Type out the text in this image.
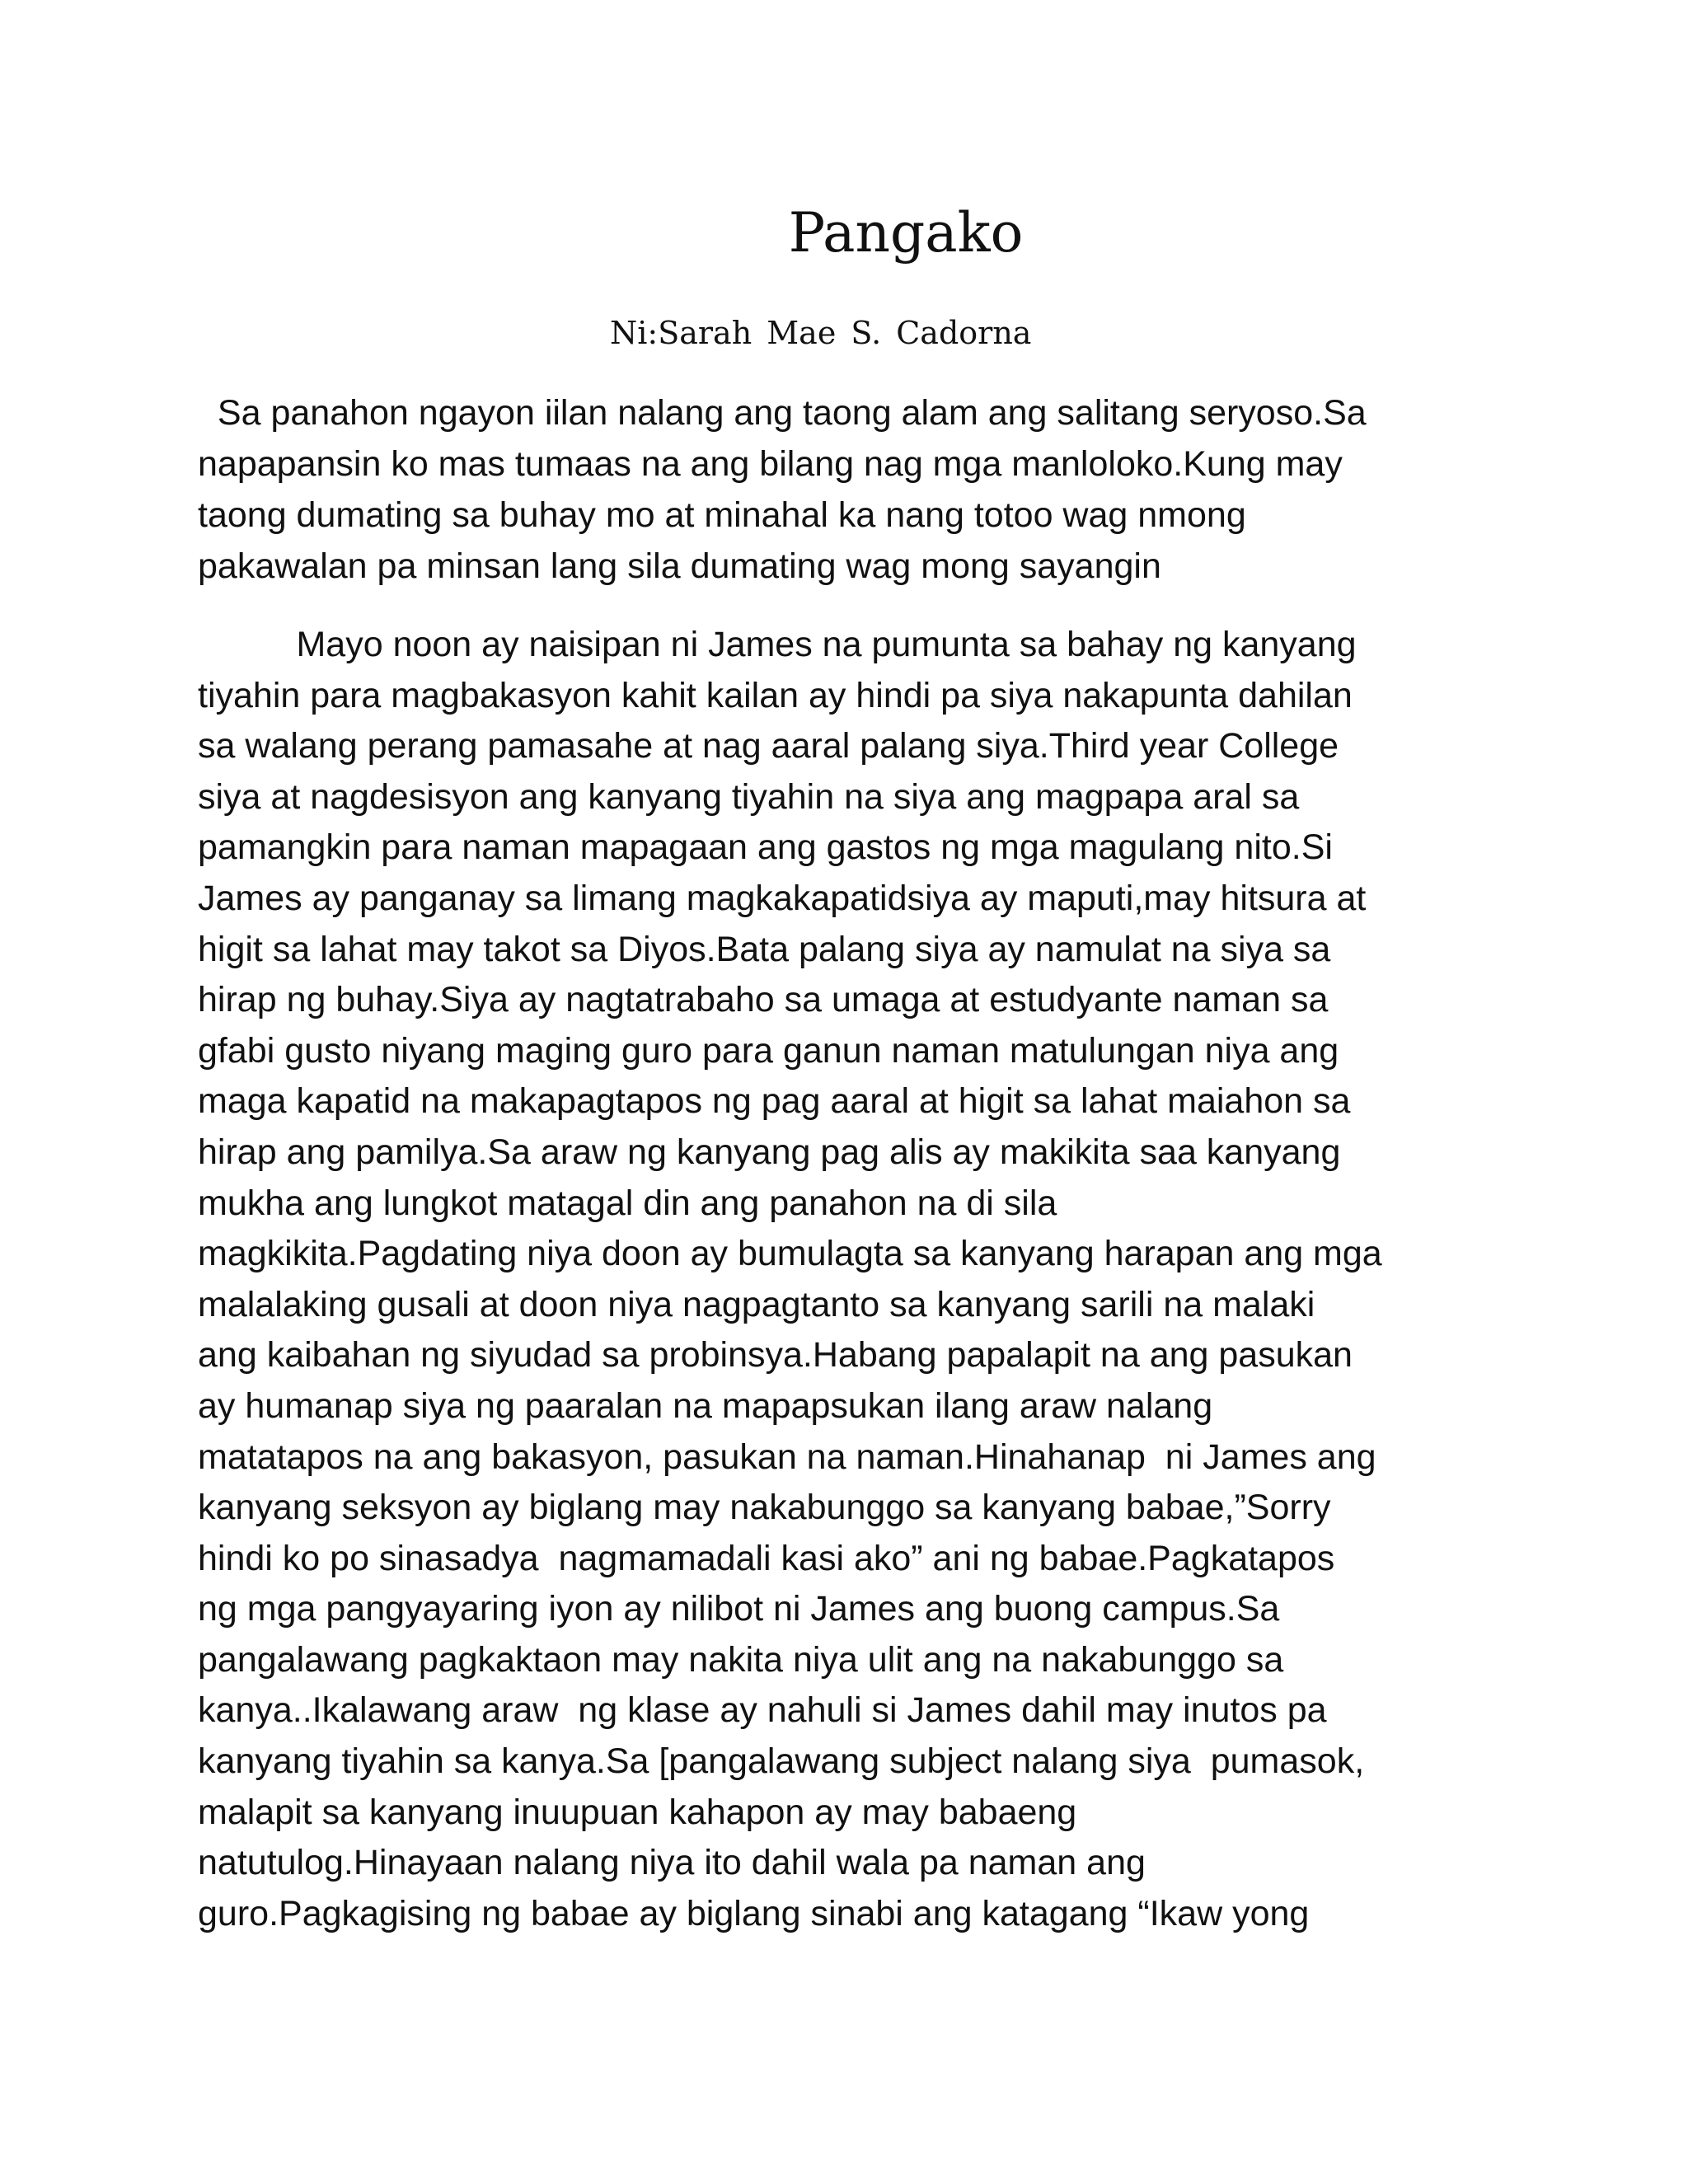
Pangako

Ni:Sarah Mae S. Cadorna

Sa panahon ngayon iilan nalang ang taong alam ang salitang seryoso.Sa
napapansin ko mas tumaas na ang bilang nag mga manloloko.Kung may
taong dumating sa buhay mo at minahal ka nang totoo wag nmong
pakawalan pa minsan lang sila dumating wag mong sayangin

Mayo noon ay naisipan ni James na pumunta sa bahay ng kanyang
tiyahin para magbakasyon kahit kailan ay hindi pa siya nakapunta dahilan
sa walang perang pamasahe at nag aaral palang siya.Third year College
siya at nagdesisyon ang kanyang tiyahin na siya ang magpapa aral sa
pamangkin para naman mapagaan ang gastos ng mga magulang nito.Si
James ay panganay sa limang magkakapatidsiya ay maputi,may hitsura at
higit sa lahat may takot sa Diyos.Bata palang siya ay namulat na siya sa
hirap ng buhay.Siya ay nagtatrabaho sa umaga at estudyante naman sa
gfabi gusto niyang maging guro para ganun naman matulungan niya ang
maga kapatid na makapagtapos ng pag aaral at higit sa lahat maiahon sa
hirap ang pamilya.Sa araw ng kanyang pag alis ay makikita saa kanyang
mukha ang lungkot matagal din ang panahon na di sila
magkikita.Pagdating niya doon ay bumulagta sa kanyang harapan ang mga
malalaking gusali at doon niya nagpagtanto sa kanyang sarili na malaki
ang kaibahan ng siyudad sa probinsya.Habang papalapit na ang pasukan
ay humanap siya ng paaralan na mapapsukan ilang araw nalang
matatapos na ang bakasyon, pasukan na naman.Hinahanap  ni James ang
kanyang seksyon ay biglang may nakabunggo sa kanyang babae,”Sorry
hindi ko po sinasadya  nagmamadali kasi ako” ani ng babae.Pagkatapos
ng mga pangyayaring iyon ay nilibot ni James ang buong campus.Sa
pangalawang pagkaktaon may nakita niya ulit ang na nakabunggo sa
kanya..Ikalawang araw  ng klase ay nahuli si James dahil may inutos pa
kanyang tiyahin sa kanya.Sa [pangalawang subject nalang siya  pumasok,
malapit sa kanyang inuupuan kahapon ay may babaeng
natutulog.Hinayaan nalang niya ito dahil wala pa naman ang
guro.Pagkagising ng babae ay biglang sinabi ang katagang “Ikaw yong
